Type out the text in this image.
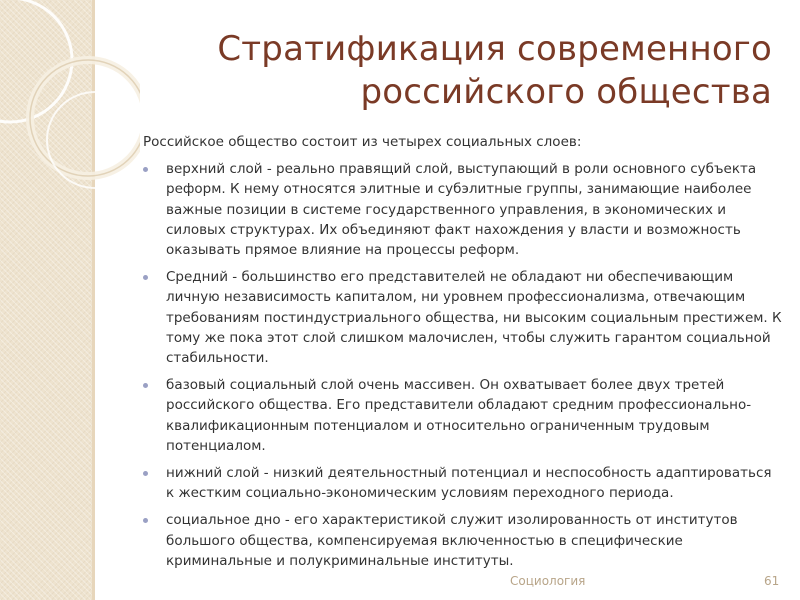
Стратификация современного
российского общества

Российское общество состоит из четырех социальных слоев:

верхний слой - реально правящий слой, выступающий в роли основного субъекта реформ. К нему относятся элитные и субэлитные группы, занимающие наиболее важные позиции в системе государственного управления, в экономических и силовых структурах. Их объединяют факт нахождения у власти и возможность оказывать прямое влияние на процессы реформ.
Средний - большинство его представителей не обладают ни обеспечивающим личную независимость капиталом, ни уровнем профессионализма, отвечающим требованиям постиндустриального общества, ни высоким социальным престижем. К тому же пока этот слой слишком малочислен, чтобы служить гарантом социальной стабильности.
базовый социальный слой очень массивен. Он охватывает более двух третей российского общества. Его представители обладают средним профессионально-квалификационным потенциалом и относительно ограниченным трудовым потенциалом.
нижний слой - низкий деятельностный потенциал и неспособность адаптироваться к жестким социально-экономическим условиям переходного периода.
социальное дно - его характеристикой служит изолированность от институтов большого общества, компенсируемая включенностью в специфические криминальные и полукриминальные институты.
Социология	61
